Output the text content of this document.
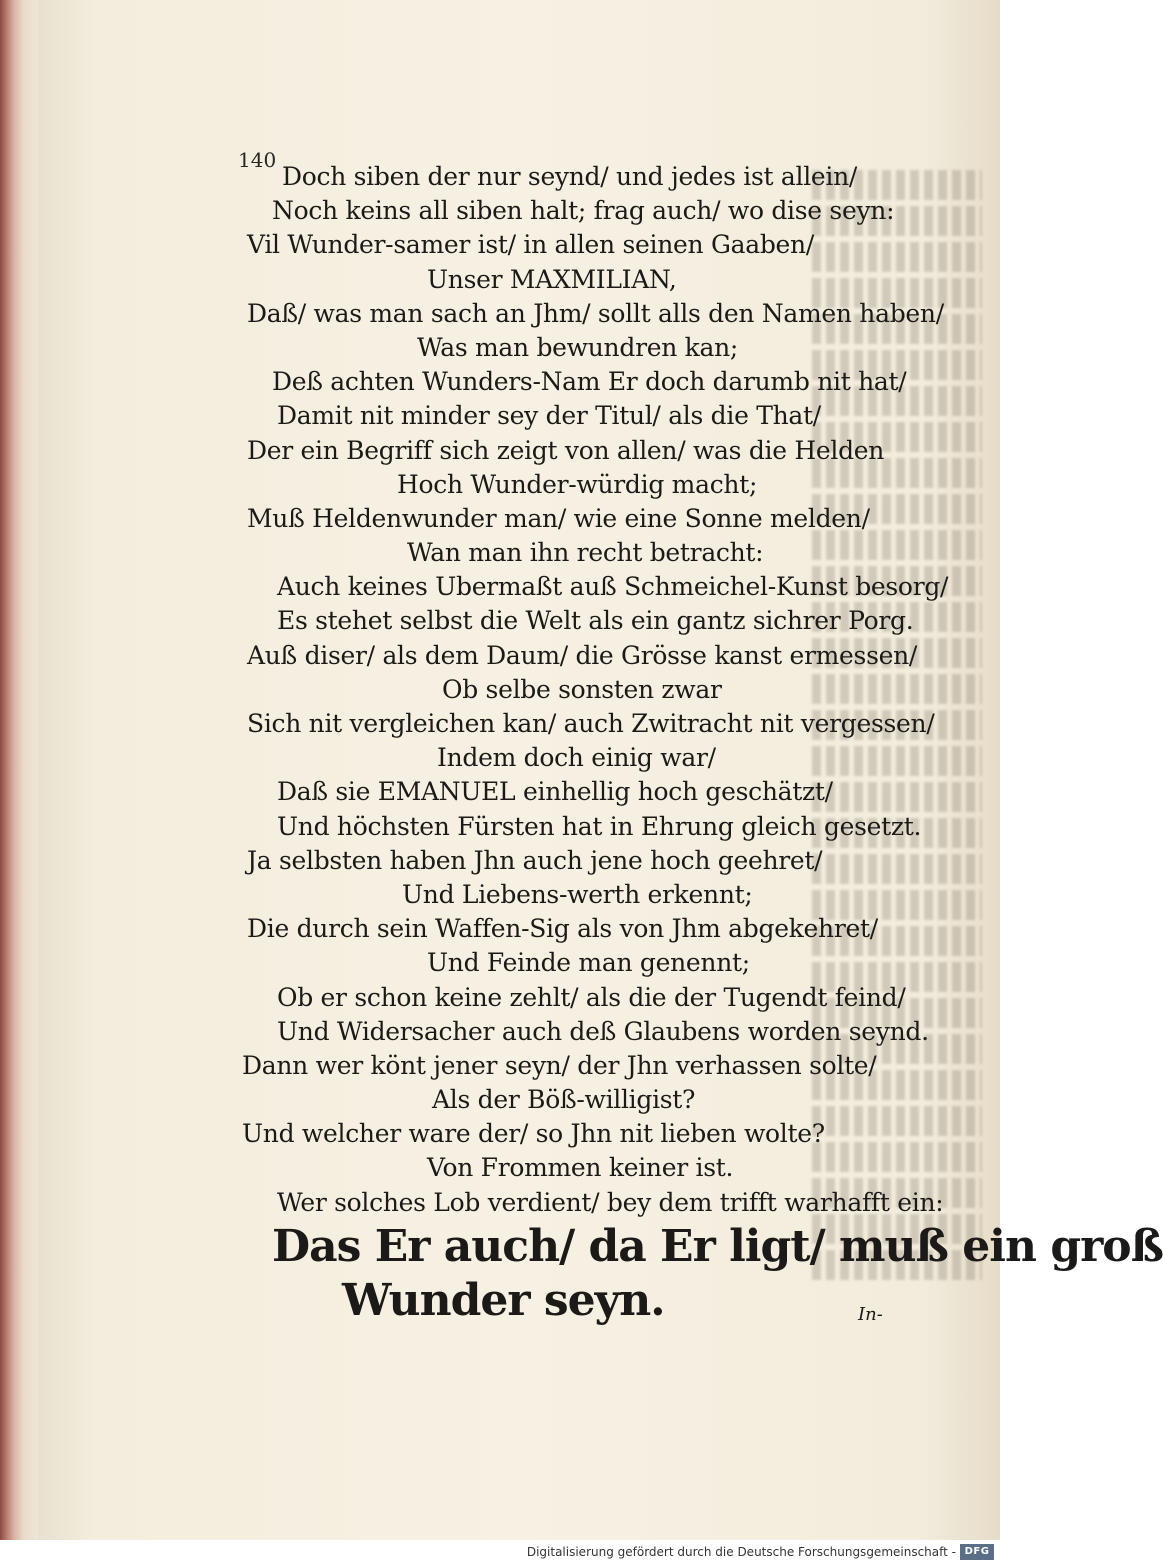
140
Doch siben der nur seynd/ und jedes ist allein/
Noch keins all siben halt; frag auch/ wo dise seyn:
Vil Wunder-samer ist/ in allen seinen Gaaben/
Unser MAXMILIAN,
Daß/ was man sach an Jhm/ sollt alls den Namen haben/
Was man bewundren kan;
Deß achten Wunders-Nam Er doch darumb nit hat/
Damit nit minder sey der Titul/ als die That/
Der ein Begriff sich zeigt von allen/ was die Helden
Hoch Wunder-würdig macht;
Muß Heldenwunder man/ wie eine Sonne melden/
Wan man ihn recht betracht:
Auch keines Ubermaßt auß Schmeichel-Kunst besorg/
Es stehet selbst die Welt als ein gantz sichrer Porg.
Auß diser/ als dem Daum/ die Grösse kanst ermessen/
Ob selbe sonsten zwar
Sich nit vergleichen kan/ auch Zwitracht nit vergessen/
Indem doch einig war/
Daß sie EMANUEL einhellig hoch geschätzt/
Und höchsten Fürsten hat in Ehrung gleich gesetzt.
Ja selbsten haben Jhn auch jene hoch geehret/
Und Liebens-werth erkennt;
Die durch sein Waffen-Sig als von Jhm abgekehret/
Und Feinde man genennt;
Ob er schon keine zehlt/ als die der Tugendt feind/
Und Widersacher auch deß Glaubens worden seynd.
Dann wer könt jener seyn/ der Jhn verhassen solte/
Als der Böß-willigist?
Und welcher ware der/ so Jhn nit lieben wolte?
Von Frommen keiner ist.
Wer solches Lob verdient/ bey dem trifft warhafft ein:
Das Er auch/ da Er ligt/ muß ein groß
Wunder seyn.	In-
Digitalisierung gefördert durch die Deutsche Forschungsgemeinschaft - DFG
